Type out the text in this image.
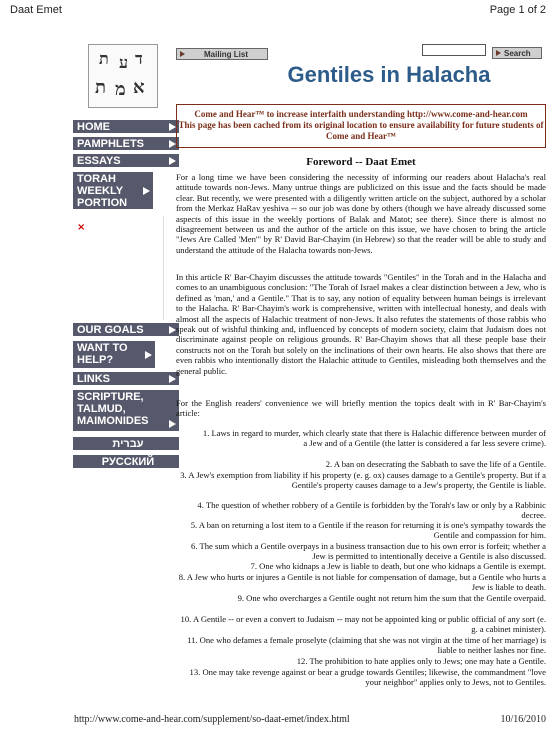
Daat Emet	Page 1 of 2
ד
ע
ת
א
מ
ת
Mailing List	Search
Gentiles in Halacha
HOME
PAMPHLETS
ESSAYS
TORAH WEEKLY PORTION
×
OUR GOALS
WANT TO HELP?
LINKS
SCRIPTURE, TALMUD, MAIMONIDES
עברית
РУССКИЙ
Come and Hear™ to increase interfaith understanding http://www.come-and-hear.com
This page has been cached from its original location to ensure availability for future students of Come and Hear™
Foreword -- Daat Emet
For a long time we have been considering the necessity of informing our readers about Halacha's real attitude towards non-Jews. Many untrue things are publicized on this issue and the facts should be made clear. But recently, we were presented with a diligently written article on the subject, authored by a scholar from the Merkaz HaRav yeshiva -- so our job was done by others (though we have already discussed some aspects of this issue in the weekly portions of Balak and Matot; see there). Since there is almost no disagreement between us and the author of the article on this issue, we have chosen to bring the article "Jews Are Called 'Men'" by R' David Bar-Chayim (in Hebrew) so that the reader will be able to study and understand the attitude of the Halacha towards non-Jews.
In this article R' Bar-Chayim discusses the attitude towards "Gentiles" in the Torah and in the Halacha and comes to an unambiguous conclusion: "The Torah of Israel makes a clear distinction between a Jew, who is defined as 'man,' and a Gentile." That is to say, any notion of equality between human beings is irrelevant to the Halacha. R' Bar-Chayim's work is comprehensive, written with intellectual honesty, and deals with almost all the aspects of Halachic treatment of non-Jews. It also refutes the statements of those rabbis who speak out of wishful thinking and, influenced by concepts of modern society, claim that Judaism does not discriminate against people on religious grounds. R' Bar-Chayim shows that all these people base their constructs not on the Torah but solely on the inclinations of their own hearts. He also shows that there are even rabbis who intentionally distort the Halachic attitude to Gentiles, misleading both themselves and the general public.
For the English readers' convenience we will briefly mention the topics dealt with in R' Bar-Chayim's article:
1. Laws in regard to murder, which clearly state that there is Halachic difference between murder of a Jew and of a Gentile (the latter is considered a far less severe crime).
2. A ban on desecrating the Sabbath to save the life of a Gentile.
3. A Jew's exemption from liability if his property (e. g. ox) causes damage to a Gentile's property. But if a Gentile's property causes damage to a Jew's property, the Gentile is liable.
4. The question of whether robbery of a Gentile is forbidden by the Torah's law or only by a Rabbinic decree.
5. A ban on returning a lost item to a Gentile if the reason for returning it is one's sympathy towards the Gentile and compassion for him.
6. The sum which a Gentile overpays in a business transaction due to his own error is forfeit; whether a Jew is permitted to intentionally deceive a Gentile is also discussed.
7. One who kidnaps a Jew is liable to death, but one who kidnaps a Gentile is exempt.
8. A Jew who hurts or injures a Gentile is not liable for compensation of damage, but a Gentile who hurts a Jew is liable to death.
9. One who overcharges a Gentile ought not return him the sum that the Gentile overpaid.
10. A Gentile -- or even a convert to Judaism -- may not be appointed king or public official of any sort (e. g. a cabinet minister).
11. One who defames a female proselyte (claiming that she was not virgin at the time of her marriage) is liable to neither lashes nor fine.
12. The prohibition to hate applies only to Jews; one may hate a Gentile.
13. One may take revenge against or bear a grudge towards Gentiles; likewise, the commandment "love your neighbor" applies only to Jews, not to Gentiles.
http://www.come-and-hear.com/supplement/so-daat-emet/index.html	10/16/2010
